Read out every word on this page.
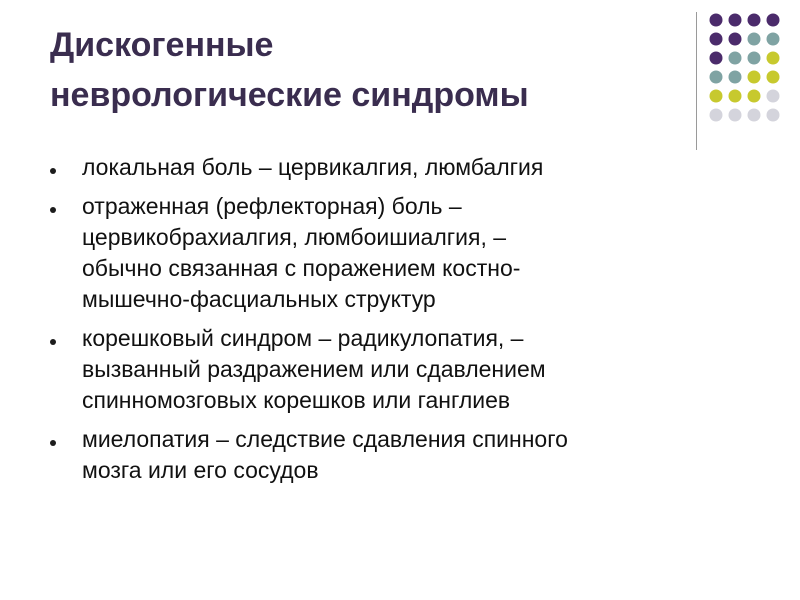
Дискогенные
неврологические синдромы
локальная боль – цервикалгия, люмбалгия
отраженная (рефлекторная) боль –
цервикобрахиалгия, люмбоишиалгия, –
обычно связанная с поражением костно-
мышечно-фасциальных структур
корешковый синдром – радикулопатия, –
вызванный раздражением или сдавлением
спинномозговых корешков или ганглиев
миелопатия – следствие сдавления спинного
мозга или его сосудов
